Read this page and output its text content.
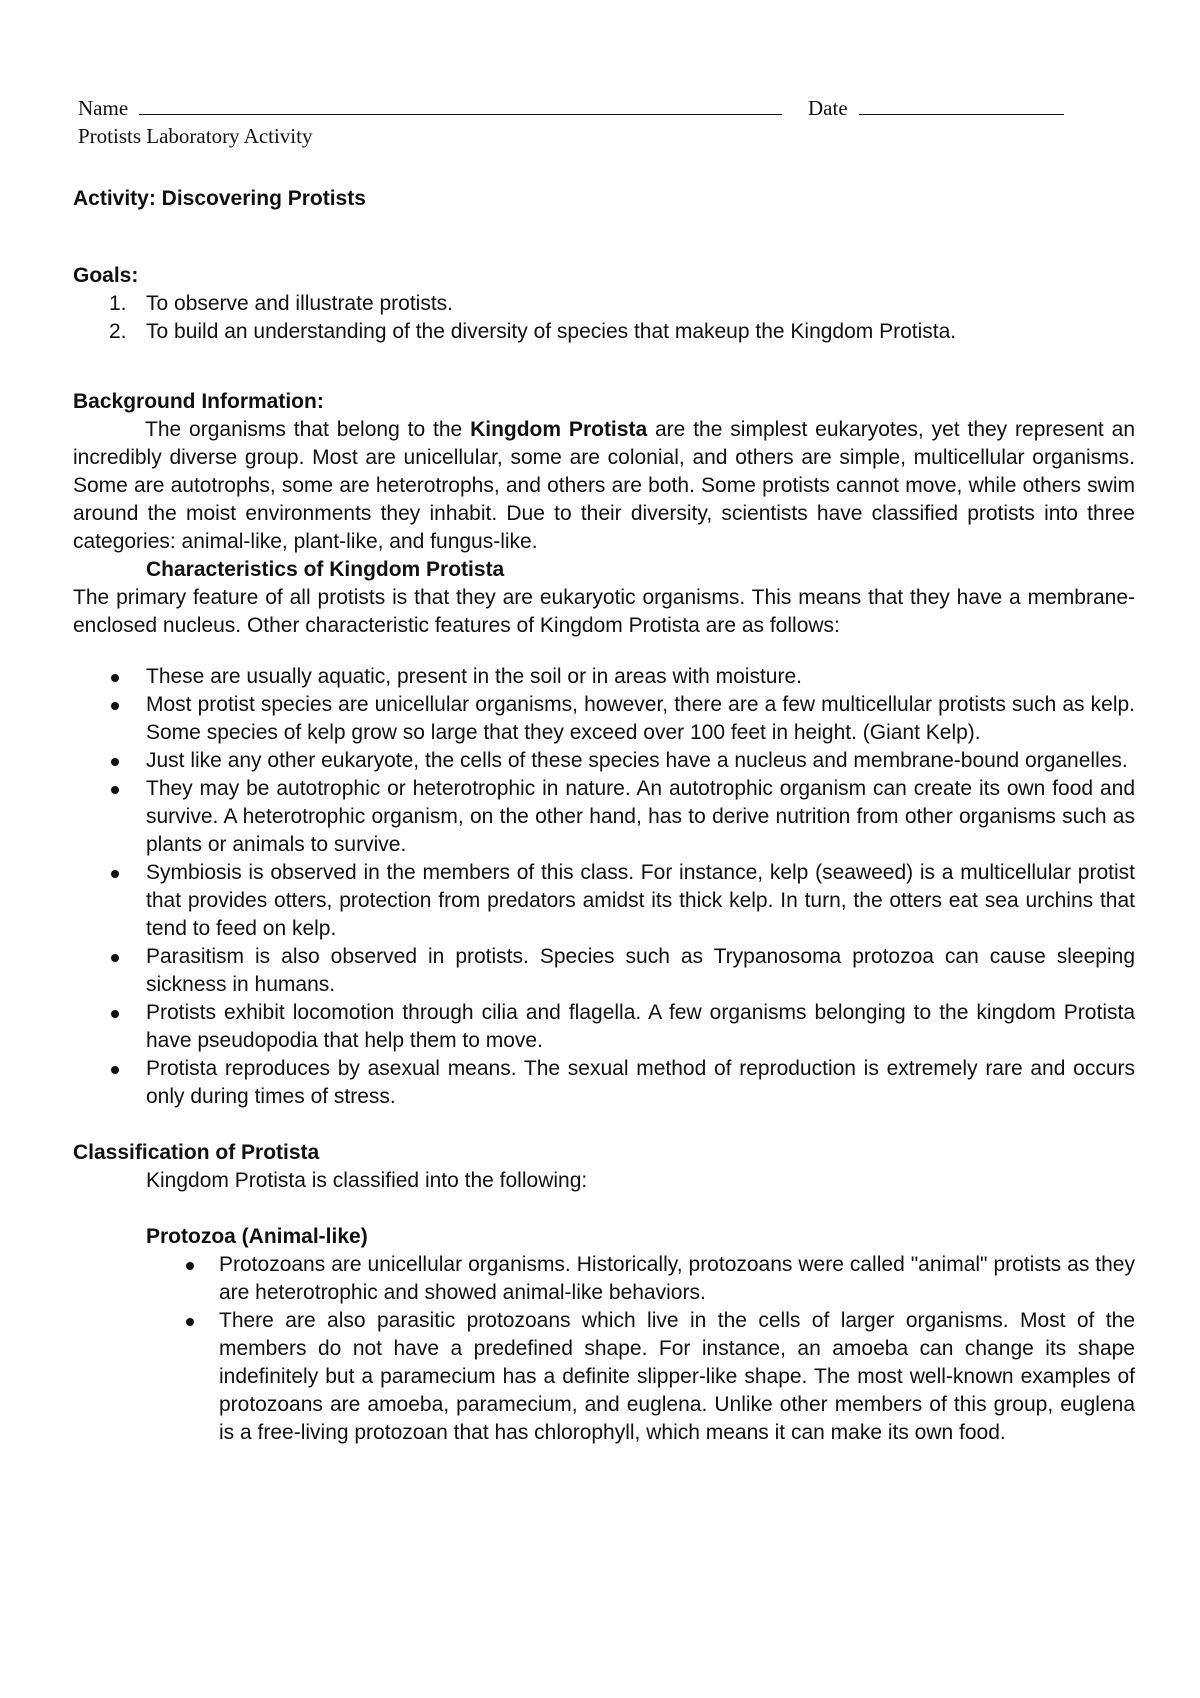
Name	Date
Protists Laboratory Activity
Activity: Discovering Protists
Goals:
1. To observe and illustrate protists.
2. To build an understanding of the diversity of species that makeup the Kingdom Protista.
Background Information:

The organisms that belong to the Kingdom Protista are the simplest eukaryotes, yet they represent an incredibly diverse group. Most are unicellular, some are colonial, and others are simple, multicellular organisms. Some are autotrophs, some are heterotrophs, and others are both. Some protists cannot move, while others swim around the moist environments they inhabit. Due to their diversity, scientists have classified protists into three categories: animal-like, plant-like, and fungus-like.

Characteristics of Kingdom Protista

The primary feature of all protists is that they are eukaryotic organisms. This means that they have a membrane-enclosed nucleus. Other characteristic features of Kingdom Protista are as follows:

These are usually aquatic, present in the soil or in areas with moisture.
Most protist species are unicellular organisms, however, there are a few multicellular protists such as kelp. Some species of kelp grow so large that they exceed over 100 feet in height. (Giant Kelp).
Just like any other eukaryote, the cells of these species have a nucleus and membrane-bound organelles.
They may be autotrophic or heterotrophic in nature. An autotrophic organism can create its own food and survive. A heterotrophic organism, on the other hand, has to derive nutrition from other organisms such as plants or animals to survive.
Symbiosis is observed in the members of this class. For instance, kelp (seaweed) is a multicellular protist that provides otters, protection from predators amidst its thick kelp. In turn, the otters eat sea urchins that tend to feed on kelp.
Parasitism is also observed in protists. Species such as Trypanosoma protozoa can cause sleeping sickness in humans.
Protists exhibit locomotion through cilia and flagella. A few organisms belonging to the kingdom Protista have pseudopodia that help them to move.
Protista reproduces by asexual means. The sexual method of reproduction is extremely rare and occurs only during times of stress.
Classification of Protista
Kingdom Protista is classified into the following:
Protozoa (Animal-like)
Protozoans are unicellular organisms. Historically, protozoans were called "animal" protists as they are heterotrophic and showed animal-like behaviors.
There are also parasitic protozoans which live in the cells of larger organisms. Most of the members do not have a predefined shape. For instance, an amoeba can change its shape indefinitely but a paramecium has a definite slipper-like shape. The most well-known examples of protozoans are amoeba, paramecium, and euglena. Unlike other members of this group, euglena is a free-living protozoan that has chlorophyll, which means it can make its own food.
